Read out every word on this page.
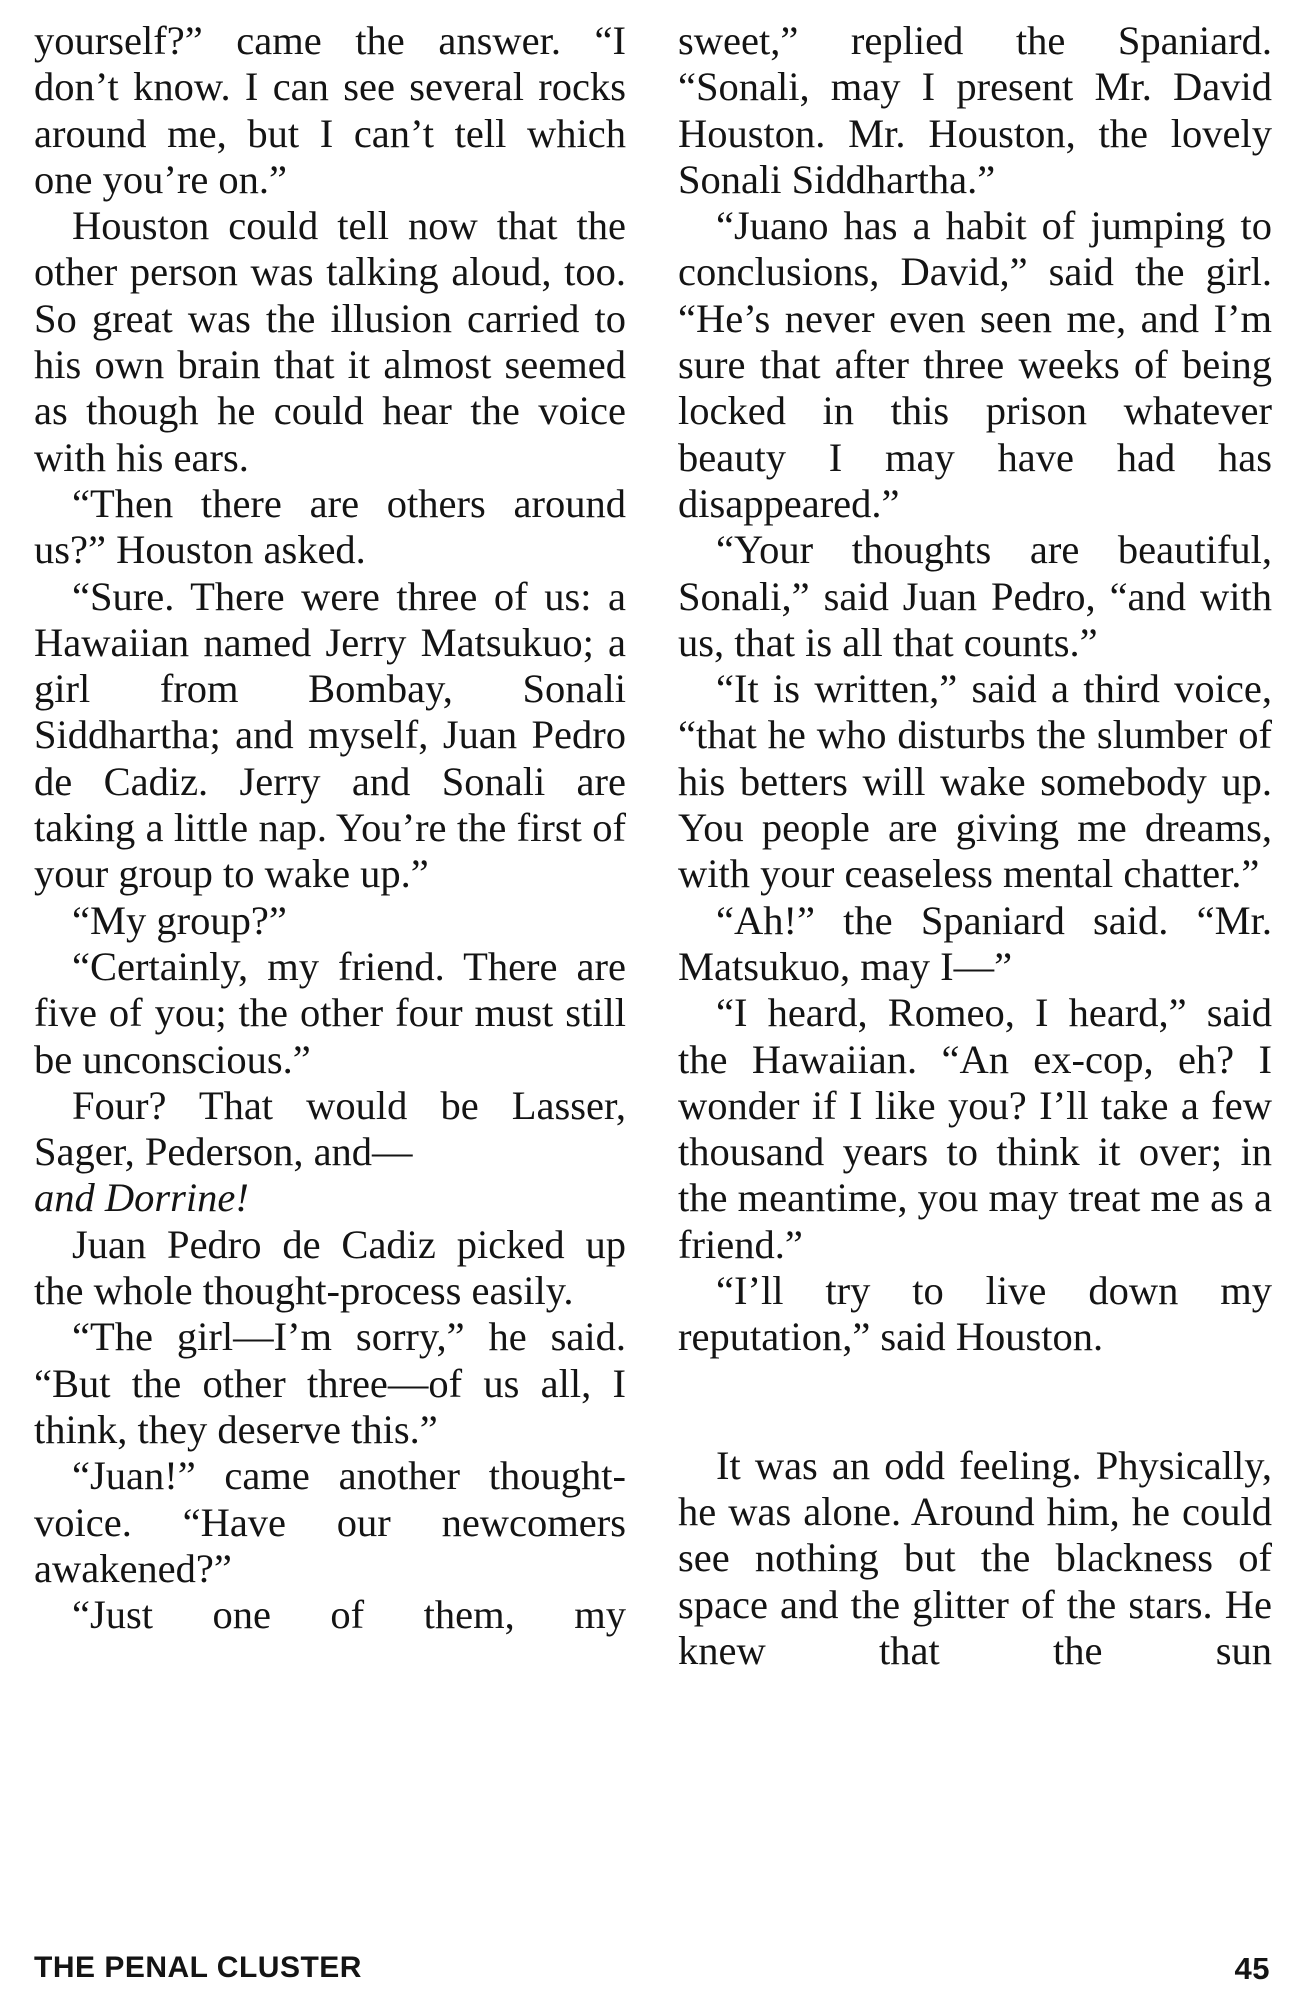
yourself?” came the answer. “I don’t know. I can see several rocks around me, but I can’t tell which one you’re on.”

Houston could tell now that the other person was talking aloud, too. So great was the illusion carried to his own brain that it almost seemed as though he could hear the voice with his ears.

“Then there are others around us?” Houston asked.

“Sure. There were three of us: a Hawaiian named Jerry Matsukuo; a girl from Bombay, Sonali Siddhartha; and myself, Juan Pedro de Cadiz. Jerry and Sonali are taking a little nap. You’re the first of your group to wake up.”

“My group?”

“Certainly, my friend. There are five of you; the other four must still be unconscious.”

Four? That would be Lasser, Sager, Pederson, and—

and Dorrine!

Juan Pedro de Cadiz picked up the whole thought-process easily.

“The girl—I’m sorry,” he said. “But the other three—of us all, I think, they deserve this.”

“Juan!” came another thought-voice. “Have our newcomers awakened?”

“Just one of them, my

sweet,” replied the Spaniard. “Sonali, may I present Mr. David Houston. Mr. Houston, the lovely Sonali Siddhartha.”

“Juano has a habit of jumping to conclusions, David,” said the girl. “He’s never even seen me, and I’m sure that after three weeks of being locked in this prison whatever beauty I may have had has disappeared.”

“Your thoughts are beautiful, Sonali,” said Juan Pedro, “and with us, that is all that counts.”

“It is written,” said a third voice, “that he who disturbs the slumber of his betters will wake somebody up. You people are giving me dreams, with your ceaseless mental chatter.”

“Ah!” the Spaniard said. “Mr. Matsukuo, may I—”

“I heard, Romeo, I heard,” said the Hawaiian. “An ex-cop, eh? I wonder if I like you? I’ll take a few thousand years to think it over; in the meantime, you may treat me as a friend.”

“I’ll try to live down my reputation,” said Houston.

It was an odd feeling. Physically, he was alone. Around him, he could see nothing but the blackness of space and the glitter of the stars. He knew that the sun

THE PENAL CLUSTER	45
